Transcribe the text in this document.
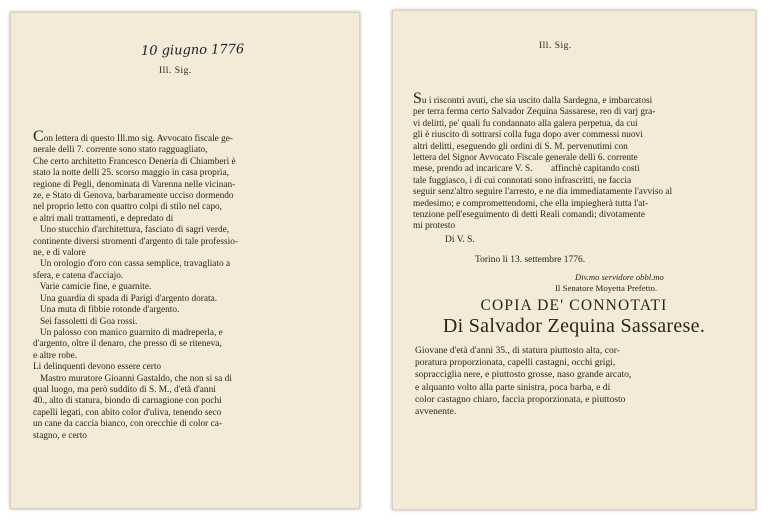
10 giugno 1776
Ill. Sig.
Con lettera di questo Ill.mo sig. Avvocato fiscale ge-
nerale delli 7. corrente sono stato ragguagliato,
Che certo architetto Francesco Deneria di Chiamberì è
stato la notte delli 25. scorso maggio in casa propria,
regione di Pegli, denominata di Varenna nelle vicinan-
ze, e Stato di Genova, barbaramente ucciso dormendo
nel proprio letto con quattro colpi di stilo nel capo,
e altri mali trattamenti, e depredato di
Uno stucchio d'architettura, fasciato di sagrì verde,
continente diversi stromenti d'argento di tale professio-
ne, e di valore
Un orologio d'oro con cassa semplice, travagliato a
sfera, e catena d'acciajo.
Varie camicie fine, e guarnite.
Una guardia di spada di Parigi d'argento dorata.
Una muta di fibbie rotonde d'argento.
Sei fassoletti di Goa rossi.
Un palosso con manico guarnito di madreperla, e
d'argento, oltre il denaro, che presso di se riteneva,
e altre robe.
Li delinquenti devono essere certo
Mastro muratore Gioanni Gastaldo, che non si sa di
qual luogo, ma però suddito di S. M., d'età d'anni
40., alto di statura, biondo di carnagione con pochi
capelli legati, con abito color d'uliva, tenendo seco
un cane da caccia bianco, con orecchie di color ca-
stagno, e certo
Ill. Sig.
Su i riscontri avuti, che sia uscito dalla Sardegna, e imbarcatosi
per terra ferma certo Salvador Zequina Sassarese, reo di varj gra-
vi delitti, pe' quali fu condannato alla galera perpetua, da cui
gli è riuscito di sottrarsi colla fuga dopo aver commessi nuovi
altri delitti, eseguendo gli ordini di S. M. pervenutimi con
lettera del Signor Avvocato Fiscale generale delli 6. corrente
mese, prendo ad incaricare V. S.        affinchè capitando costì
tale fuggiasco, i di cui connotati sono infrascritti, ne faccia
seguir senz'altro seguire l'arresto, e ne dia immediatamente l'avviso al
medesimo; e compromettendomi, che ella impiegherà tutta l'at-
tenzione pell'eseguimento di detti Reali comandi; divotamente
mi protesto
Di V. S.
Torino li 13. settembre 1776.
Div.mo servidore obbl.mo
Il Senatore Moyetta Prefetto.
COPIA DE' CONNOTATI
Di Salvador Zequina Sassarese.
Giovane d'età d'anni 35., di statura piuttosto alta, cor-
poratura proporzionata, capelli castagni, occhi grigi,
sopracciglia nere, e piuttosto grosse, naso grande arcato,
e alquanto volto alla parte sinistra, poca barba, e di
color castagno chiaro, faccia proporzionata, e piuttosto
avvenente.
